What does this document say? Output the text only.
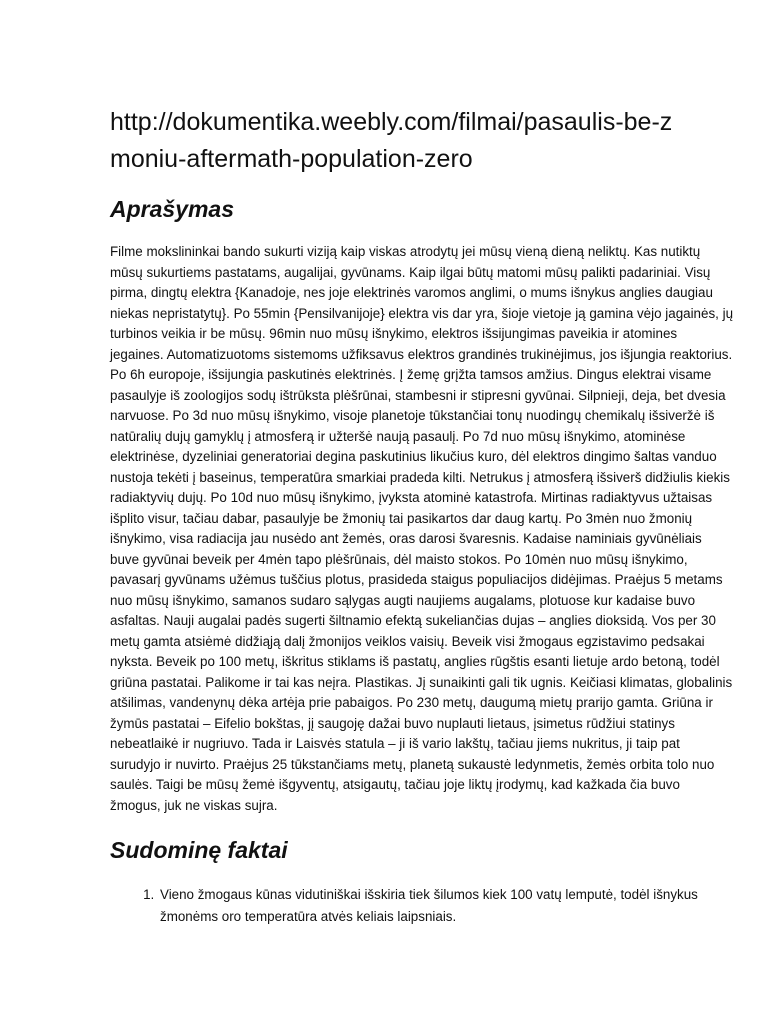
http://dokumentika.weebly.com/filmai/pasaulis-be-zmoniu-aftermath-population-zero
Aprašymas

Filme mokslininkai bando sukurti viziją kaip viskas atrodytų jei mūsų vieną dieną neliktų. Kas nutiktų mūsų sukurtiems pastatams, augalijai, gyvūnams. Kaip ilgai būtų matomi mūsų palikti padariniai. Visų pirma, dingtų elektra {Kanadoje, nes joje elektrinės varomos anglimi, o mums išnykus anglies daugiau niekas nepristatytų}. Po 55min {Pensilvanijoje} elektra vis dar yra, šioje vietoje ją gamina vėjo jagainės, jų turbinos veikia ir be mūsų. 96min nuo mūsų išnykimo, elektros išsijungimas paveikia ir atomines jegaines. Automatizuotoms sistemoms užfiksavus elektros grandinės trukinėjimus, jos išjungia reaktorius. Po 6h europoje, išsijungia paskutinės elektrinės. Į žemę grįžta tamsos amžius. Dingus elektrai visame pasaulyje iš zoologijos sodų ištrūksta plėšrūnai, stambesni ir stipresni gyvūnai. Silpnieji, deja, bet dvesia narvuose. Po 3d nuo mūsų išnykimo, visoje planetoje tūkstančiai tonų nuodingų chemikalų išsiveržė iš natūralių dujų gamyklų į atmosferą ir užteršė naują pasaulį. Po 7d nuo mūsų išnykimo, atominėse elektrinėse, dyzeliniai generatoriai degina paskutinius likučius kuro, dėl elektros dingimo šaltas vanduo nustoja tekėti į baseinus, temperatūra smarkiai pradeda kilti. Netrukus į atmosferą išsiverš didžiulis kiekis radiaktyvių dujų. Po 10d nuo mūsų išnykimo, įvyksta atominė katastrofa. Mirtinas radiaktyvus užtaisas išplito visur, tačiau dabar, pasaulyje be žmonių tai pasikartos dar daug kartų. Po 3mėn nuo žmonių išnykimo, visa radiacija jau nusėdo ant žemės, oras darosi švaresnis. Kadaise naminiais gyvūnėliais buve gyvūnai beveik per 4mėn tapo plėšrūnais, dėl maisto stokos. Po 10mėn nuo mūsų išnykimo, pavasarį gyvūnams užėmus tuščius plotus, prasideda staigus populiacijos didėjimas. Praėjus 5 metams nuo mūsų išnykimo, samanos sudaro sąlygas augti naujiems augalams, plotuose kur kadaise buvo asfaltas. Nauji augalai padės sugerti šiltnamio efektą sukeliančias dujas – anglies dioksidą. Vos per 30 metų gamta atsiėmė didžiąją dalį žmonijos veiklos vaisių. Beveik visi žmogaus egzistavimo pedsakai nyksta. Beveik po 100 metų, iškritus stiklams iš pastatų, anglies rūgštis esanti lietuje ardo betoną, todėl griūna pastatai. Palikome ir tai kas neįra. Plastikas. Jį sunaikinti gali tik ugnis. Keičiasi klimatas, globalinis atšilimas, vandenynų dėka artėja prie pabaigos. Po 230 metų, daugumą mietų prarijo gamta. Griūna ir žymūs pastatai – Eifelio bokštas, jį saugoję dažai buvo nuplauti lietaus, įsimetus rūdžiui statinys nebeatlaikė ir nugriuvo. Tada ir Laisvės statula – ji iš vario lakštų, tačiau jiems nukritus, ji taip pat surudyjo ir nuvirto. Praėjus 25 tūkstančiams metų, planetą sukaustė ledynmetis, žemės orbita tolo nuo saulės. Taigi be mūsų žemė išgyventų, atsigautų, tačiau joje liktų įrodymų, kad kažkada čia buvo žmogus, juk ne viskas sujra.

Sudominę faktai
1. Vieno žmogaus kūnas vidutiniškai išskiria tiek šilumos kiek 100 vatų lemputė, todėl išnykus žmonėms oro temperatūra atvės keliais laipsniais.
